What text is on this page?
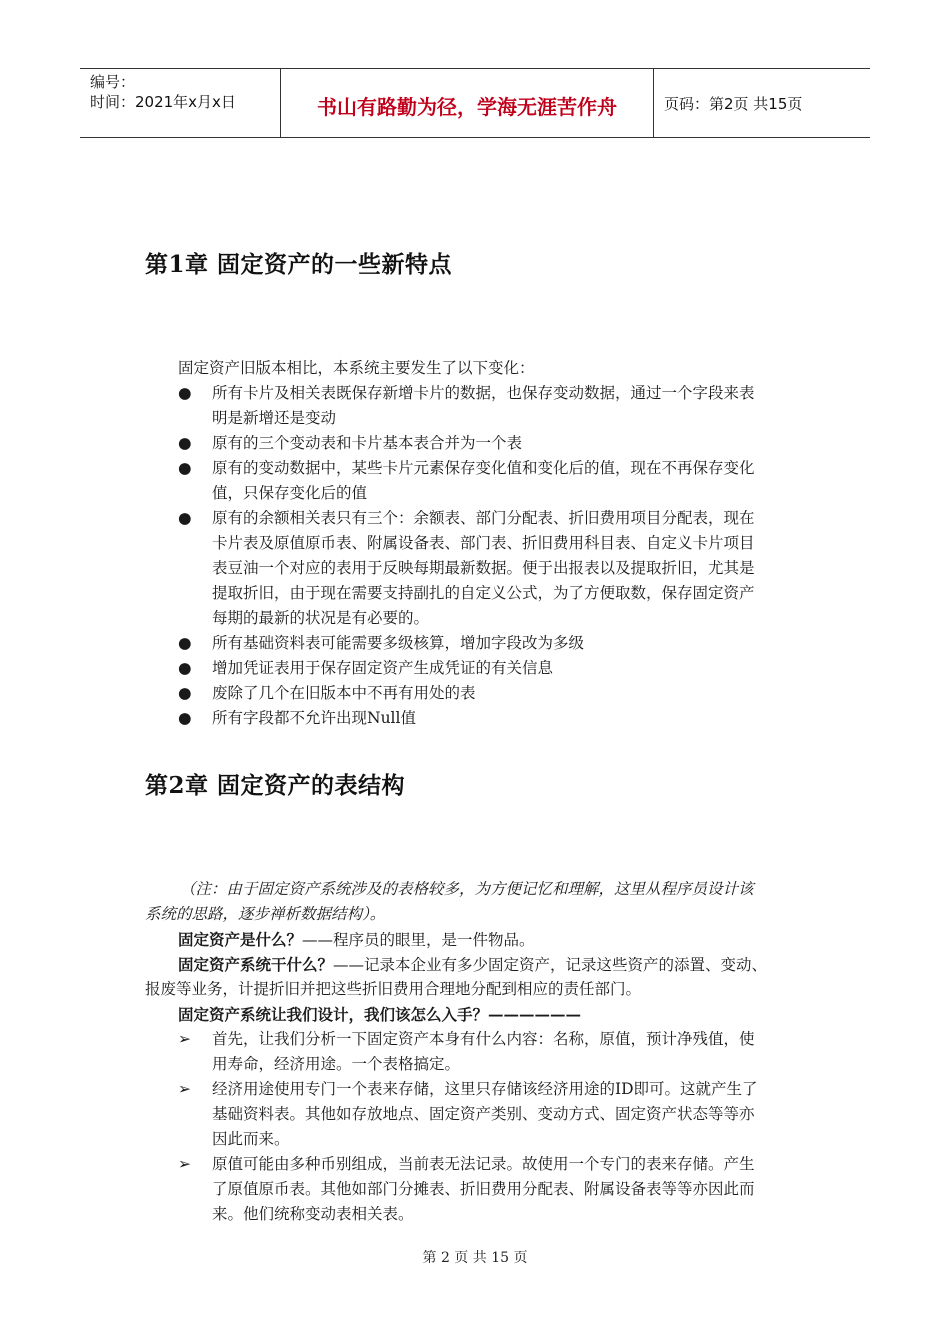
编号：
时间：2021年x月x日	书山有路勤为径，学海无涯苦作舟	页码：第2页 共15页
第1章 固定资产的一些新特点
固定资产旧版本相比，本系统主要发生了以下变化：
●	所有卡片及相关表既保存新增卡片的数据，也保存变动数据，通过一个字段来表
明是新增还是变动
●	原有的三个变动表和卡片基本表合并为一个表
●	原有的变动数据中，某些卡片元素保存变化值和变化后的值，现在不再保存变化
值，只保存变化后的值
●	原有的余额相关表只有三个：余额表、部门分配表、折旧费用项目分配表，现在
卡片表及原值原币表、附属设备表、部门表、折旧费用科目表、自定义卡片项目
表豆油一个对应的表用于反映每期最新数据。便于出报表以及提取折旧，尤其是
提取折旧，由于现在需要支持副扎的自定义公式，为了方便取数，保存固定资产
每期的最新的状况是有必要的。
●	所有基础资料表可能需要多级核算，增加字段改为多级
●	增加凭证表用于保存固定资产生成凭证的有关信息
●	废除了几个在旧版本中不再有用处的表
●	所有字段都不允许出现Null值
第2章 固定资产的表结构
（注：由于固定资产系统涉及的表格较多，为方便记忆和理解，这里从程序员设计该
系统的思路，逐步禅析数据结构）。
固定资产是什么？——程序员的眼里，是一件物品。
固定资产系统干什么？——记录本企业有多少固定资产，记录这些资产的添置、变动、
报废等业务，计提折旧并把这些折旧费用合理地分配到相应的责任部门。
固定资产系统让我们设计，我们该怎么入手？——————
➢	首先，让我们分析一下固定资产本身有什么内容：名称，原值，预计净残值，使
用寿命，经济用途。一个表格搞定。
➢	经济用途使用专门一个表来存储，这里只存储该经济用途的ID即可。这就产生了
基础资料表。其他如存放地点、固定资产类别、变动方式、固定资产状态等等亦
因此而来。
➢	原值可能由多种币别组成，当前表无法记录。故使用一个专门的表来存储。产生
了原值原币表。其他如部门分摊表、折旧费用分配表、附属设备表等等亦因此而
来。他们统称变动表相关表。
第 2 页 共 15 页
